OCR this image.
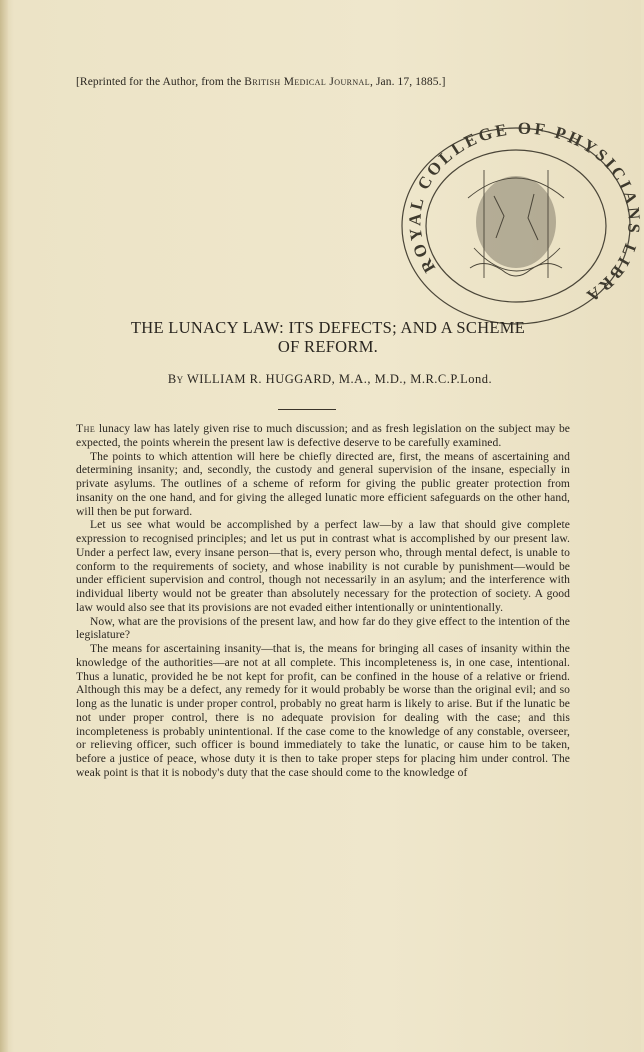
[Reprinted for the Author, from the British Medical Journal, Jan. 17, 1885.]
ROYAL COLLEGE OF PHYSICIANS LIBRA
THE LUNACY LAW: ITS DEFECTS; AND A SCHEME
OF REFORM.
By WILLIAM R. HUGGARD, M.A., M.D., M.R.C.P.Lond.

The lunacy law has lately given rise to much discussion; and as fresh legislation on the subject may be expected, the points wherein the present law is defective deserve to be carefully examined.

The points to which attention will here be chiefly directed are, first, the means of ascertaining and determining insanity; and, secondly, the custody and general supervision of the insane, especially in private asylums. The outlines of a scheme of reform for giving the public greater protection from insanity on the one hand, and for giving the alleged lunatic more efficient safeguards on the other hand, will then be put forward.

Let us see what would be accomplished by a perfect law—by a law that should give complete expression to recognised principles; and let us put in contrast what is accomplished by our present law. Under a perfect law, every insane person—that is, every person who, through mental defect, is unable to conform to the requirements of society, and whose inability is not curable by punishment—would be under efficient supervision and control, though not necessarily in an asylum; and the interference with individual liberty would not be greater than absolutely necessary for the protection of society. A good law would also see that its provisions are not evaded either intentionally or unintentionally.

Now, what are the provisions of the present law, and how far do they give effect to the intention of the legislature?

The means for ascertaining insanity—that is, the means for bringing all cases of insanity within the knowledge of the authorities—are not at all complete. This incompleteness is, in one case, intentional. Thus a lunatic, provided he be not kept for profit, can be confined in the house of a relative or friend. Although this may be a defect, any remedy for it would probably be worse than the original evil; and so long as the lunatic is under proper control, probably no great harm is likely to arise. But if the lunatic be not under proper control, there is no adequate provision for dealing with the case; and this incompleteness is probably unintentional. If the case come to the knowledge of any constable, overseer, or relieving officer, such officer is bound immediately to take the lunatic, or cause him to be taken, before a justice of peace, whose duty it is then to take proper steps for placing him under control. The weak point is that it is nobody's duty that the case should come to the knowledge of
